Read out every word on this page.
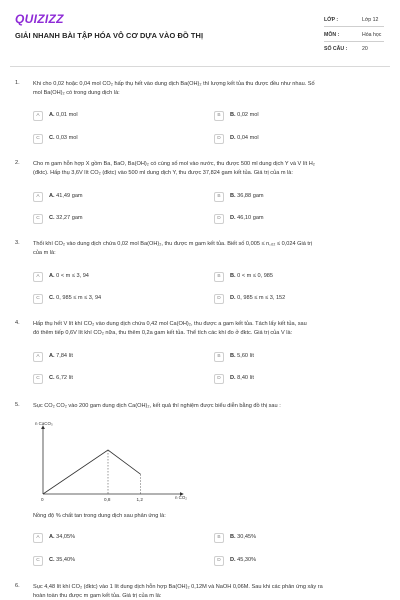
QUIZIZZ
GIẢI NHANH BÀI TẬP HÓA VÔ CƠ DỰA VÀO ĐỒ THỊ
LỚP :	Lớp 12
MÔN :	Hóa học
SỐ CÂU :	20
1. Khi cho 0,02 hoặc 0,04 mol CO₂ hấp thụ hết vào dung dịch Ba(OH)₂ thì lượng kết tủa thu được đều như nhau. Số
mol Ba(OH)₂ có trong dung dịch là:
A	A. 0,01 mol	B	B. 0,02 mol
C	C. 0,03 mol	D	D. 0,04 mol
2. Cho m gam hỗn hợp X gồm Ba, BaO, Ba(OH)₂ có cùng số mol vào nước, thu được 500 ml dung dịch Y và V lít H₂
(đktc). Hấp thụ 3,6V lít CO₂ (đktc) vào 500 ml dung dịch Y, thu được 37,824 gam kết tủa. Giá trị của m là:
A	A. 41,49 gam	B	B. 36,88 gam
C	C. 32,27 gam	D	D. 46,10 gam
3. Thổi khí CO₂ vào dung dịch chứa 0,02 mol Ba(OH)₂, thu được m gam kết tủa. Biết số 0,005 ≤ n꜀ₒ₂ ≤ 0,024 Giá trị
của m là:
A	A. 0 < m ≤ 3, 94	B	B. 0 < m ≤ 0, 985
C	C. 0, 985 ≤ m ≤ 3, 94	D	D. 0, 985 ≤ m ≤ 3, 152
4. Hấp thụ hết V lít khí CO₂ vào dung dịch chứa 0,42 mol Ca(OH)₂, thu được a gam kết tủa. Tách lấy kết tủa, sau
đó thêm tiếp 0,6V lít khí CO₂ nữa, thu thêm 0,2a gam kết tủa. Thể tích các khí đo ở đktc. Giá trị của V là:
A	A. 7,84 lít	B	B. 5,60 lít
C	C. 6,72 lít	D	D. 8,40 lít
5. Sục CO₂ CO₂ vào 200 gam dung dịch Ca(OH)₂, kết quả thí nghiệm được biểu diễn bằng đồ thị sau :
n CaCO₃
n CO₂
0	0,8	1,2
Nồng độ % chất tan trong dung dịch sau phản ứng là:
A	A. 34,05%	B	B. 30,45%
C	C. 35,40%	D	D. 45,30%
6. Sục 4,48 lít khí CO₂ (đktc) vào 1 lít dung dịch hỗn hợp Ba(OH)₂ 0,12M và NaOH 0,06M. Sau khi các phản ứng xảy ra
hoàn toàn thu được m gam kết tủa. Giá trị của m là:
